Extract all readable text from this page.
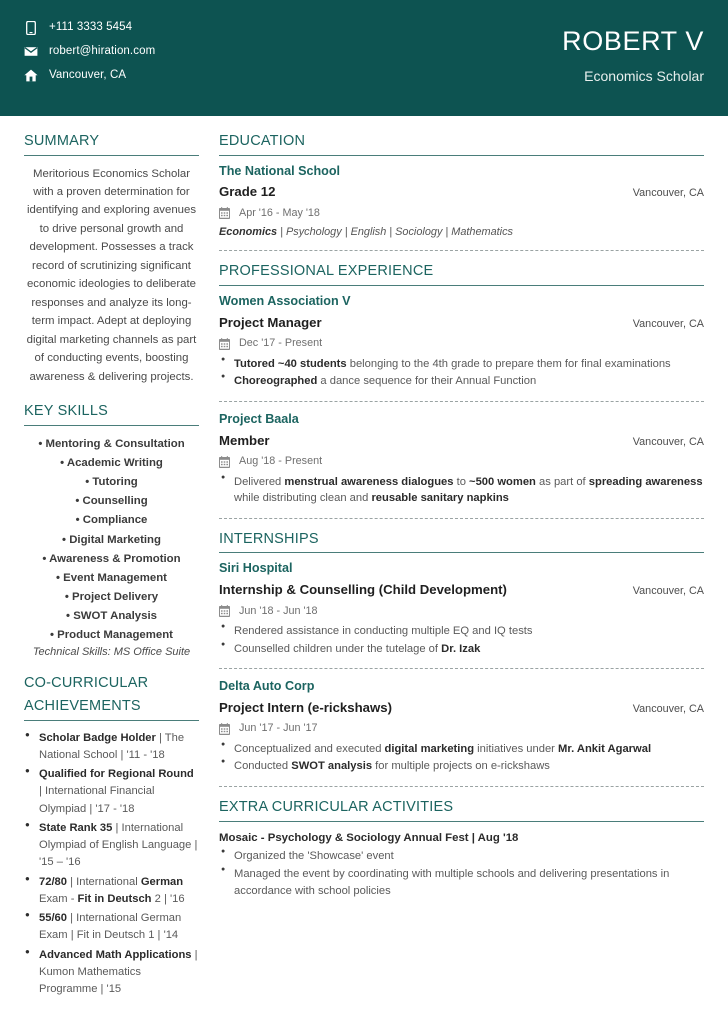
+111 3333 5454
robert@hiration.com
Vancouver, CA
ROBERT V
Economics Scholar
SUMMARY

Meritorious Economics Scholar with a proven determination for identifying and exploring avenues to drive personal growth and development. Possesses a track record of scrutinizing significant economic ideologies to deliberate responses and analyze its long-term impact. Adept at deploying digital marketing channels as part of conducting events, boosting awareness & delivering projects.

KEY SKILLS
• Mentoring & Consultation
• Academic Writing
• Tutoring
• Counselling
• Compliance
• Digital Marketing
• Awareness & Promotion
• Event Management
• Project Delivery
• SWOT Analysis
• Product Management
Technical Skills: MS Office Suite
CO-CURRICULAR
ACHIEVEMENTS
● Scholar Badge Holder | The National School | '11 - '18
● Qualified for Regional Round | International Financial Olympiad | '17 - '18
● State Rank 35 | International Olympiad of English Language | '15 – '16
● 72/80 | International German Exam - Fit in Deutsch 2 | '16
● 55/60 | International German Exam | Fit in Deutsch 1 | '14
● Advanced Math Applications | Kumon Mathematics Programme | '15
EDUCATION
The National School
Grade 12	Vancouver, CA
Apr '16 - May '18
Economics | Psychology | English | Sociology | Mathematics
PROFESSIONAL EXPERIENCE
Women Association V
Project Manager	Vancouver, CA
Dec '17 - Present
● Tutored ~40 students belonging to the 4th grade to prepare them for final examinations
● Choreographed a dance sequence for their Annual Function
Project Baala
Member	Vancouver, CA
Aug '18 - Present
● Delivered menstrual awareness dialogues to ~500 women as part of spreading awareness while distributing clean and reusable sanitary napkins
INTERNSHIPS
Siri Hospital
Internship & Counselling (Child Development)	Vancouver, CA
Jun '18 - Jun '18
● Rendered assistance in conducting multiple EQ and IQ tests
● Counselled children under the tutelage of Dr. Izak
Delta Auto Corp
Project Intern (e-rickshaws)	Vancouver, CA
Jun '17 - Jun '17
● Conceptualized and executed digital marketing initiatives under Mr. Ankit Agarwal
● Conducted SWOT analysis for multiple projects on e-rickshaws
EXTRA CURRICULAR ACTIVITIES
Mosaic - Psychology & Sociology Annual Fest | Aug '18
● Organized the 'Showcase' event
● Managed the event by coordinating with multiple schools and delivering presentations in accordance with school policies
